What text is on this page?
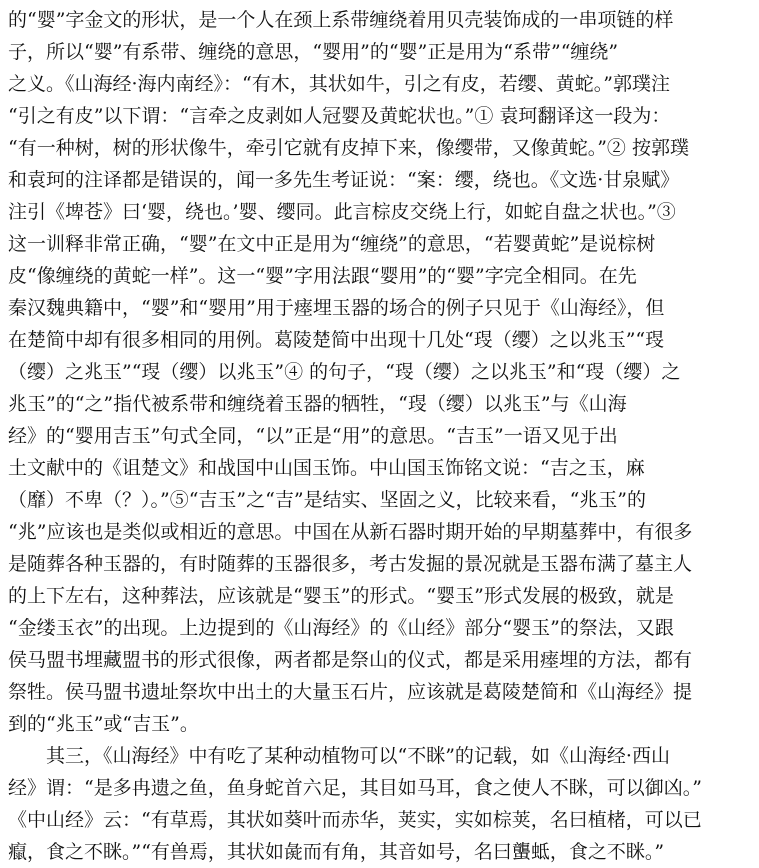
的“婴”字金文的形状，是一个人在颈上系带缠绕着用贝壳装饰成的一串项链的样
子，所以“婴”有系带、缠绕的意思，“婴用”的“婴”正是用为“系带”“缠绕”
之义。《山海经·海内南经》：“有木，其状如牛，引之有皮，若缨、黄蛇。”郭璞注
“引之有皮”以下谓：“言牵之皮剥如人冠婴及黄蛇状也。”① 袁珂翻译这一段为：
“有一种树，树的形状像牛，牵引它就有皮掉下来，像缨带，又像黄蛇。”② 按郭璞
和袁珂的注译都是错误的，闻一多先生考证说：“案：缨，绕也。《文选·甘泉赋》
注引《埤苍》曰‘婴，绕也。’婴、缨同。此言棕皮交绕上行，如蛇自盘之状也。”③
这一训释非常正确，“婴”在文中正是用为“缠绕”的意思，“若婴黄蛇”是说棕树
皮“像缠绕的黄蛇一样”。这一“婴”字用法跟“婴用”的“婴”字完全相同。在先
秦汉魏典籍中，“婴”和“婴用”用于瘗埋玉器的场合的例子只见于《山海经》，但
在楚简中却有很多相同的用例。葛陵楚简中出现十几处“琝（缨）之以兆玉”“琝
（缨）之兆玉”“琝（缨）以兆玉”④ 的句子，“琝（缨）之以兆玉”和“琝（缨）之
兆玉”的“之”指代被系带和缠绕着玉器的牺牲，“琝（缨）以兆玉”与《山海
经》的“婴用吉玉”句式全同，“以”正是“用”的意思。“吉玉”一语又见于出
土文献中的《诅楚文》和战国中山国玉饰。中山国玉饰铭文说：“吉之玉，麻
（靡）不卑（？）。”⑤“吉玉”之“吉”是结实、坚固之义，比较来看，“兆玉”的
“兆”应该也是类似或相近的意思。中国在从新石器时期开始的早期墓葬中，有很多
是随葬各种玉器的，有时随葬的玉器很多，考古发掘的景况就是玉器布满了墓主人
的上下左右，这种葬法，应该就是“婴玉”的形式。“婴玉”形式发展的极致，就是
“金缕玉衣”的出现。上边提到的《山海经》的《山经》部分“婴玉”的祭法，又跟
侯马盟书埋藏盟书的形式很像，两者都是祭山的仪式，都是采用瘗埋的方法，都有
祭牲。侯马盟书遗址祭坎中出土的大量玉石片，应该就是葛陵楚简和《山海经》提
到的“兆玉”或“吉玉”。
其三，《山海经》中有吃了某种动植物可以“不眯”的记载，如《山海经·西山
经》谓：“是多冉遗之鱼，鱼身蛇首六足，其目如马耳，食之使人不眯，可以御凶。”
《中山经》云：“有草焉，其状如葵叶而赤华，荚实，实如棕荚，名曰植楮，可以已
癙，食之不眯。”“有兽焉，其状如彘而有角，其音如号，名曰蠪蚳，食之不眯。”
